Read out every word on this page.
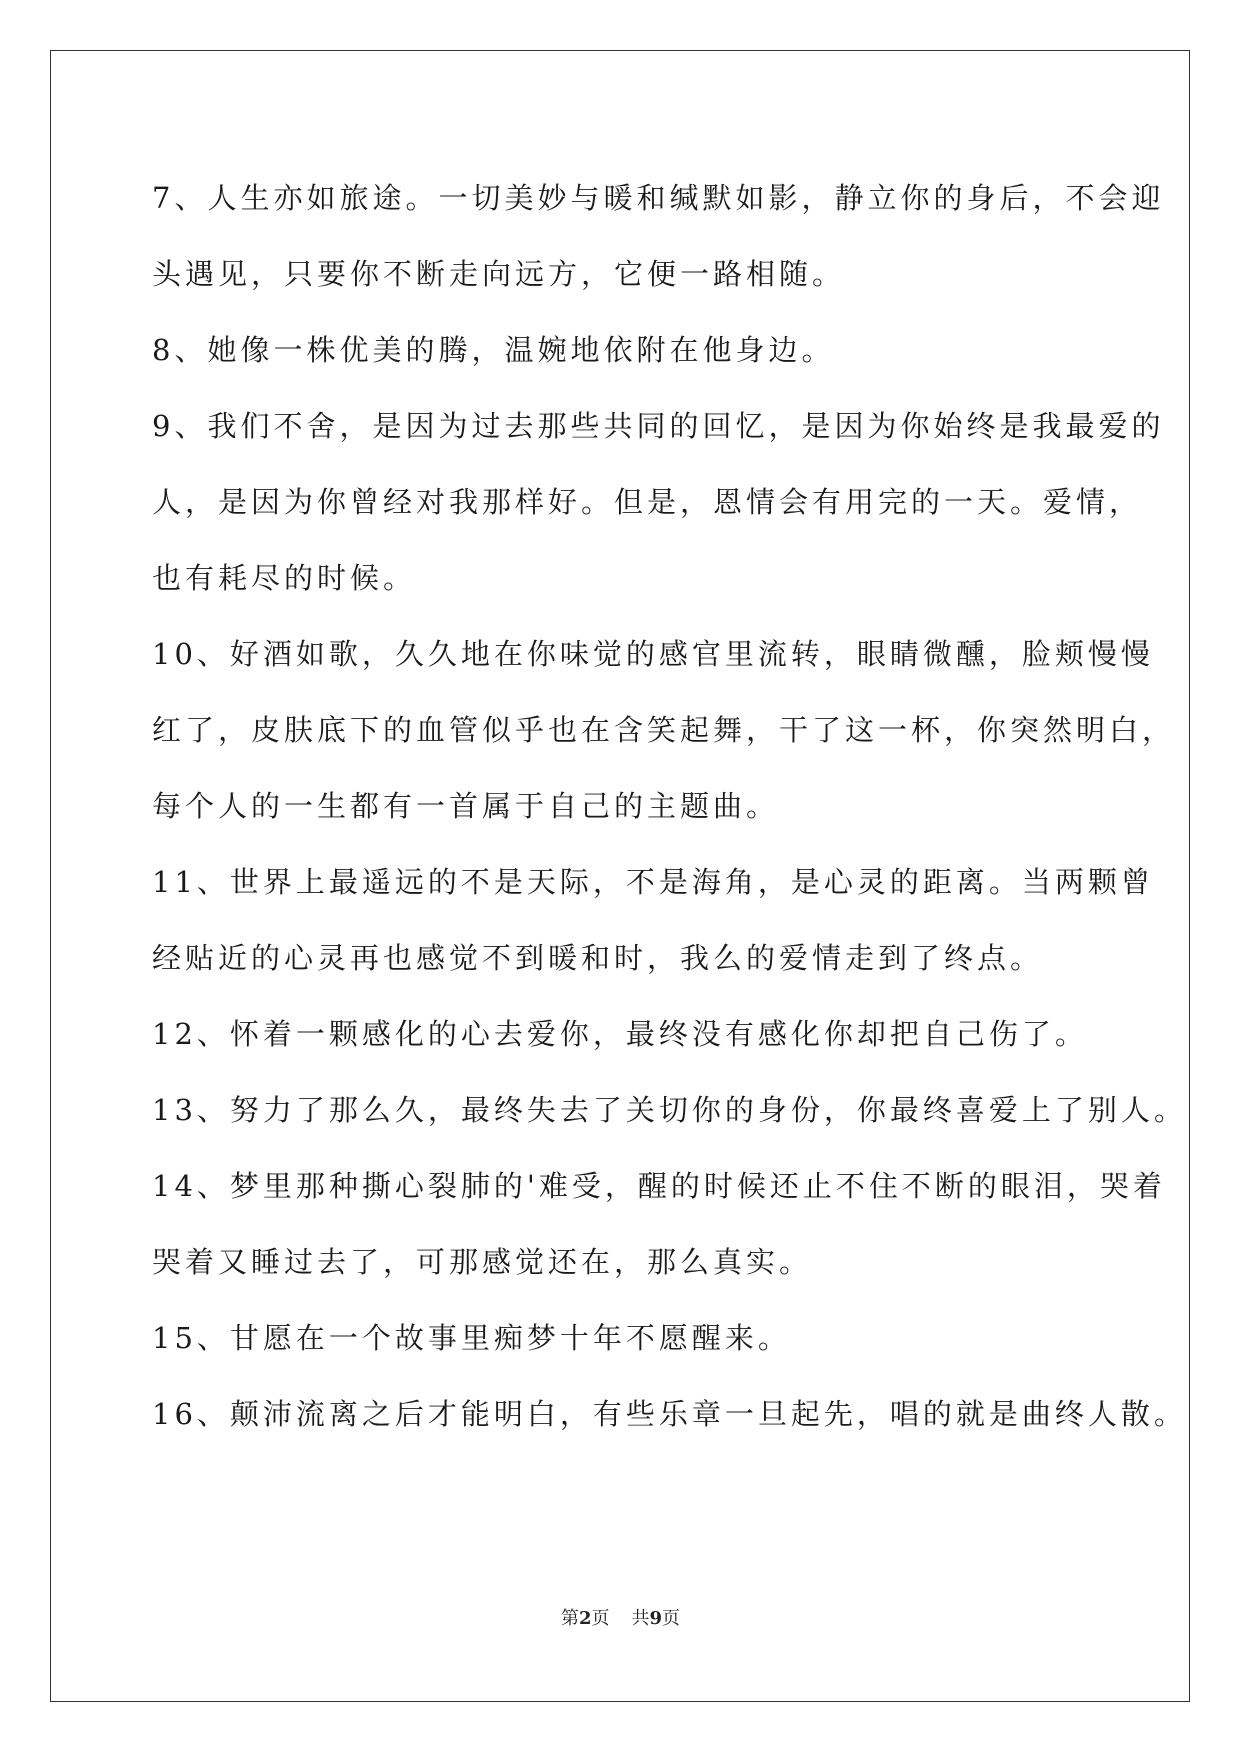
7、人生亦如旅途。一切美妙与暖和缄默如影，静立你的身后，不会迎
头遇见，只要你不断走向远方，它便一路相随。
8、她像一株优美的腾，温婉地依附在他身边。
9、我们不舍，是因为过去那些共同的回忆，是因为你始终是我最爱的
人，是因为你曾经对我那样好。但是，恩情会有用完的一天。爱情，
也有耗尽的时候。
10、好酒如歌，久久地在你味觉的感官里流转，眼睛微醺，脸颊慢慢
红了，皮肤底下的血管似乎也在含笑起舞，干了这一杯，你突然明白，
每个人的一生都有一首属于自己的主题曲。
11、世界上最遥远的不是天际，不是海角，是心灵的距离。当两颗曾
经贴近的心灵再也感觉不到暖和时，我么的爱情走到了终点。
12、怀着一颗感化的心去爱你，最终没有感化你却把自己伤了。
13、努力了那么久，最终失去了关切你的身份，你最终喜爱上了别人。
14、梦里那种撕心裂肺的'难受，醒的时候还止不住不断的眼泪，哭着
哭着又睡过去了，可那感觉还在，那么真实。
15、甘愿在一个故事里痴梦十年不愿醒来。
16、颠沛流离之后才能明白，有些乐章一旦起先，唱的就是曲终人散。
第2页 共9页
